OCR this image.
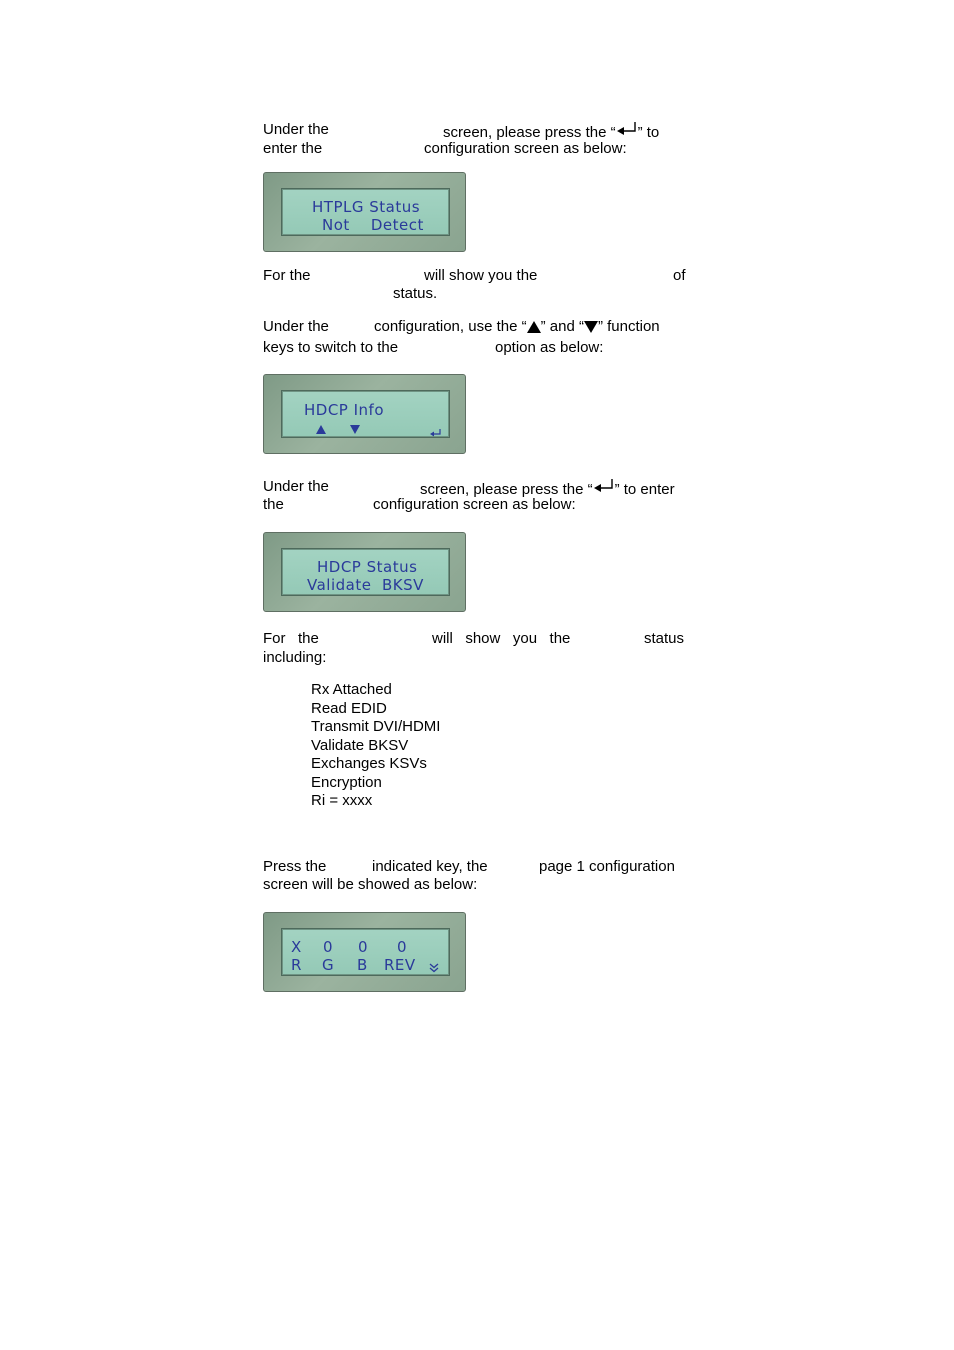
Under the	screen, please press the “ ” to
enter the	configuration screen as below:
HTPLG Status
Not    Detect
For the	will show you the	of
status.
Under the	configuration, use the “ ” and “ ” function
keys to switch to the	option as below:
HDCP Info
Under the	screen, please press the “ ” to enter
the	configuration screen as below:
HDCP Status
Validate  BKSV
For   the	will   show   you   the	status
including:
Rx Attached
Read EDID
Transmit DVI/HDMI
Validate BKSV
Exchanges KSVs
Encryption
Ri = xxxx
Press the	indicated key, the	page 1 configuration
screen will be showed as below:
X 0 0 0
R G B REV
